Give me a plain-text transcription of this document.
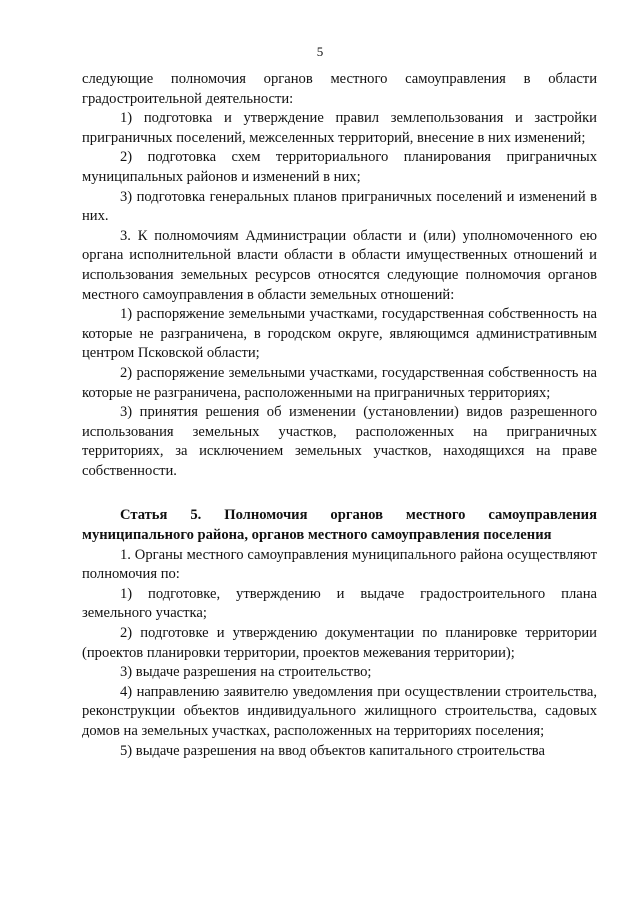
5

следующие полномочия органов местного самоуправления в области градостроительной деятельности:

1) подготовка и утверждение правил землепользования и застройки приграничных поселений, межселенных территорий, внесение в них изменений;

2) подготовка схем территориального планирования приграничных муниципальных районов и изменений в них;

3) подготовка генеральных планов приграничных поселений и изменений в них.

3. К полномочиям Администрации области и (или) уполномоченного ею органа исполнительной власти области в области имущественных отношений и использования земельных ресурсов относятся следующие полномочия органов местного самоуправления в области земельных отношений:

1) распоряжение земельными участками, государственная собственность на которые не разграничена, в городском округе, являющимся административным центром Псковской области;

2) распоряжение земельными участками, государственная собственность на которые не разграничена, расположенными на приграничных территориях;

3) принятия решения об изменении (установлении) видов разрешенного использования земельных участков, расположенных на приграничных территориях, за исключением земельных участков, находящихся на праве собственности.

Статья 5. Полномочия органов местного самоуправления муниципального района, органов местного самоуправления поселения

1. Органы местного самоуправления муниципального района осуществляют полномочия по:

1) подготовке, утверждению и выдаче градостроительного плана земельного участка;

2) подготовке и утверждению документации по планировке территории (проектов планировки территории, проектов межевания территории);

3) выдаче разрешения на строительство;

4) направлению заявителю уведомления при осуществлении строительства, реконструкции объектов индивидуального жилищного строительства, садовых домов на земельных участках, расположенных на территориях поселения;

5) выдаче разрешения на ввод объектов капитального строительства
